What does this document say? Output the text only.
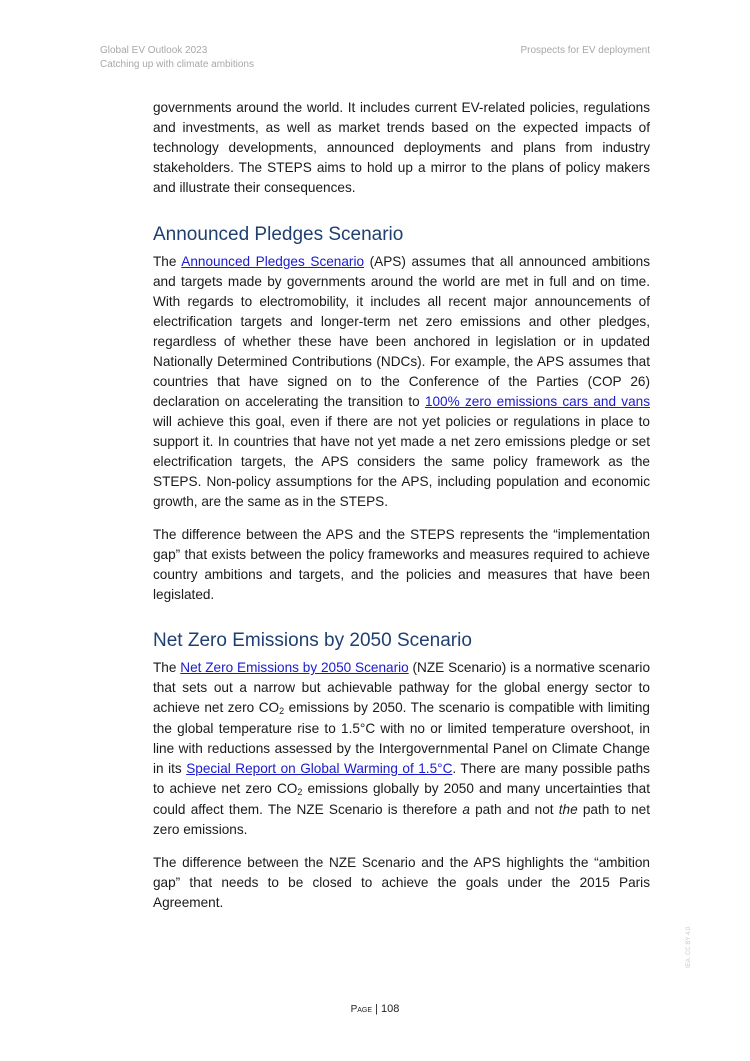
Global EV Outlook 2023
Catching up with climate ambitions
Prospects for EV deployment

governments around the world. It includes current EV-related policies, regulations and investments, as well as market trends based on the expected impacts of technology developments, announced deployments and plans from industry stakeholders. The STEPS aims to hold up a mirror to the plans of policy makers and illustrate their consequences.

Announced Pledges Scenario

The Announced Pledges Scenario (APS) assumes that all announced ambitions and targets made by governments around the world are met in full and on time. With regards to electromobility, it includes all recent major announcements of electrification targets and longer-term net zero emissions and other pledges, regardless of whether these have been anchored in legislation or in updated Nationally Determined Contributions (NDCs). For example, the APS assumes that countries that have signed on to the Conference of the Parties (COP 26) declaration on accelerating the transition to 100% zero emissions cars and vans will achieve this goal, even if there are not yet policies or regulations in place to support it. In countries that have not yet made a net zero emissions pledge or set electrification targets, the APS considers the same policy framework as the STEPS. Non-policy assumptions for the APS, including population and economic growth, are the same as in the STEPS.

The difference between the APS and the STEPS represents the “implementation gap” that exists between the policy frameworks and measures required to achieve country ambitions and targets, and the policies and measures that have been legislated.

Net Zero Emissions by 2050 Scenario

The Net Zero Emissions by 2050 Scenario (NZE Scenario) is a normative scenario that sets out a narrow but achievable pathway for the global energy sector to achieve net zero $CO_2$ emissions by 2050. The scenario is compatible with limiting the global temperature rise to 1.5°C with no or limited temperature overshoot, in line with reductions assessed by the Intergovernmental Panel on Climate Change in its Special Report on Global Warming of 1.5°C. There are many possible paths to achieve net zero $CO_2$ emissions globally by 2050 and many uncertainties that could affect them. The NZE Scenario is therefore a path and not the path to net zero emissions.

The difference between the NZE Scenario and the APS highlights the “ambition gap” that needs to be closed to achieve the goals under the 2015 Paris Agreement.

Page | 108
IEA. CC BY 4.0.
